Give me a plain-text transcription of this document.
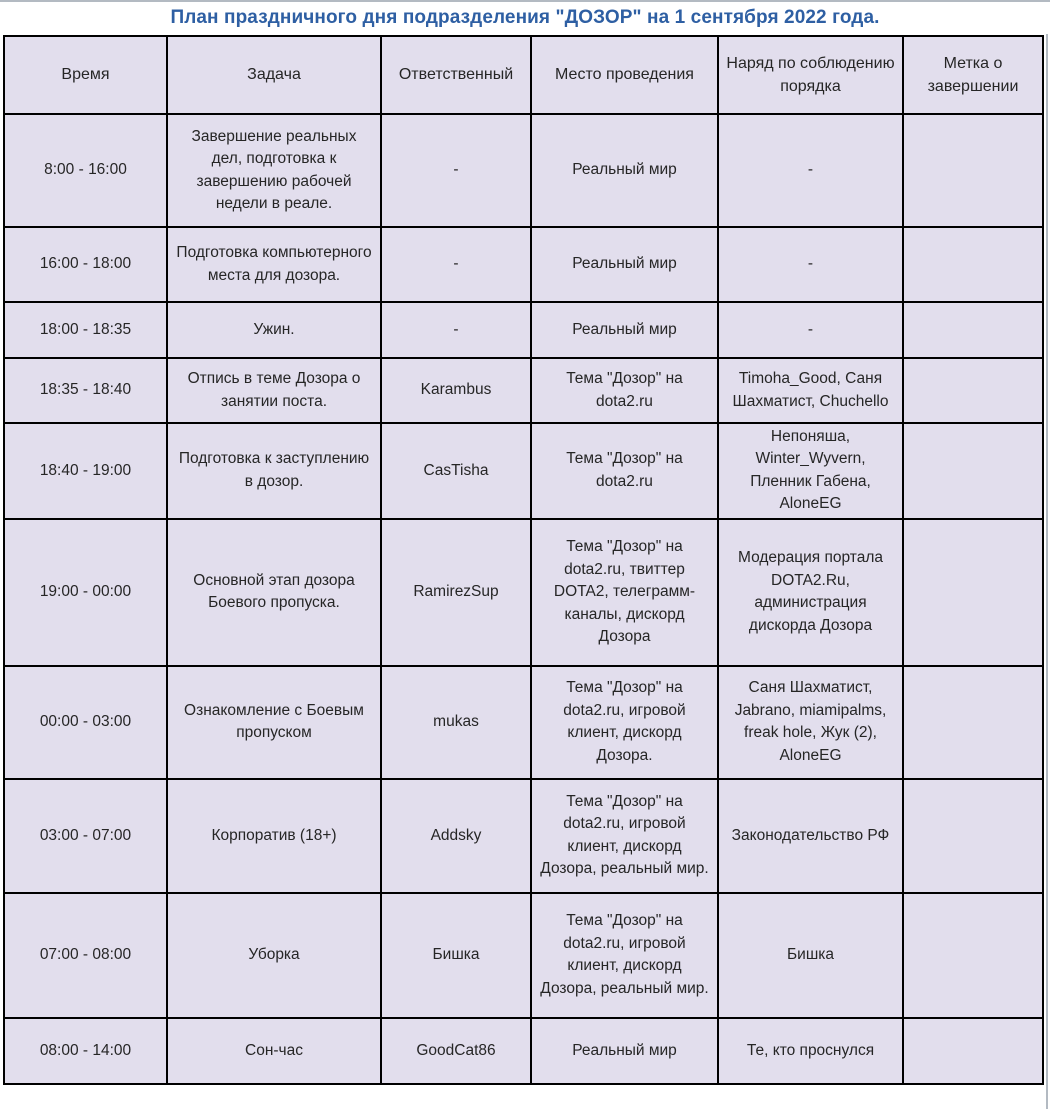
План праздничного дня подразделения "ДОЗОР" на 1 сентября 2022 года.
Время	Задача	Ответственный	Место проведения	Наряд по соблюдению порядка	Метка о завершении
8:00 - 16:00	Завершение реальных дел, подготовка к завершению рабочей недели в реале.	-	Реальный мир	-	
16:00 - 18:00	Подготовка компьютерного места для дозора.	-	Реальный мир	-	
18:00 - 18:35	Ужин.	-	Реальный мир	-	
18:35 - 18:40	Отпись в теме Дозора о занятии поста.	Karambus	Тема "Дозор" на dota2.ru	Timoha_Good, Саня Шахматист, Chuchello	
18:40 - 19:00	Подготовка к заступлению в дозор.	CasTisha	Тема "Дозор" на dota2.ru	Непоняша, Winter_Wyvern, Пленник Габена, AloneEG	
19:00 - 00:00	Основной этап дозора Боевого пропуска.	RamirezSup	Тема "Дозор" на dota2.ru, твиттер DOTA2, телеграмм-каналы, дискорд Дозора	Модерация портала DOTA2.Ru, администрация дискорда Дозора	
00:00 - 03:00	Ознакомление с Боевым пропуском	mukas	Тема "Дозор" на dota2.ru, игровой клиент, дискорд Дозора.	Саня Шахматист, Jabrano, miamipalms, freak hole, Жук (2), AloneEG	
03:00 - 07:00	Корпоратив (18+)	Addsky	Тема "Дозор" на dota2.ru, игровой клиент, дискорд Дозора, реальный мир.	Законодательство РФ	
07:00 - 08:00	Уборка	Бишка	Тема "Дозор" на dota2.ru, игровой клиент, дискорд Дозора, реальный мир.	Бишка	
08:00 - 14:00	Сон-час	GoodCat86	Реальный мир	Те, кто проснулся	
